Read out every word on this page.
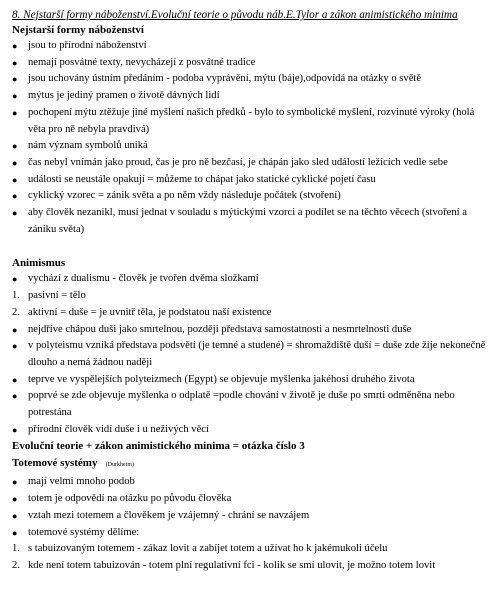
8. Nejstarší formy náboženství.Evoluční teorie o původu náb.E.Tylor a zákon animistického minima
Nejstarší formy náboženství
● jsou to přírodní náboženství
● nemají posvátné texty, nevycházejí z posvátné tradice
● jsou uchovány ústním předáním - podoba vyprávění, mýtu (báje),odpovídá na otázky o světě
● mýtus je jediný pramen o životě dávných lidí
● pochopení mýtu ztěžuje jiné myšlení našich předků - bylo to symbolické myšlení, rozvinuté výroky (holá věta pro ně nebyla pravdivá)
● nám význam symbolů uniká
● čas nebyl vnímán jako proud, čas je pro ně bezčasí, je chápán jako sled událostí ležících vedle sebe
● události se neustále opakují = můžeme to chápat jako statické cyklické pojetí času
● cyklický vzorec = zánik světa a po něm vždy následuje počátek (stvoření)
● aby člověk nezanikl, musí jednat v souladu s mýtickými vzorci a podílet se na těchto věcech (stvoření a zániku světa)
Animismus
● vychází z dualismu - člověk je tvořen dvěma složkami
1. pasivní = tělo
2. aktivní = duše = je uvnitř těla, je podstatou naší existence
● nejdříve chápou duši jako smrtelnou, později představa samostatnosti a nesmrtelnosti duše
● v polyteismu vzniká představa podsvětí (je temné a studené) = shromaždiště duší = duše zde žije nekonečně dlouho a nemá žádnou naději
● teprve ve vyspělejších polyteizmech (Egypt) se objevuje myšlenka jakéhosi druhého života
● poprvé se zde objevuje myšlenka o odplatě =podle chování v životě je duše po smrti odměněna nebo potrestána
● přírodní člověk vidí duše i u neživých věcí
Evoluční teorie + zákon animistického minima = otázka číslo 3
Totemové systémy (Durkheim)
● mají velmi mnoho podob
● totem je odpovědí na otázku po původu člověka
● vztah mezi totemem a člověkem je vzájemný - chrání se navzájem
● totemové systémy dělíme:
1. s tabuizovaným totemem - zákaz lovit a zabíjet totem a užívat ho k jakémukoli účelu
2. kde není totem tabuizován - totem plní regulativní fci - kolik se smí ulovit, je možno totem lovit
